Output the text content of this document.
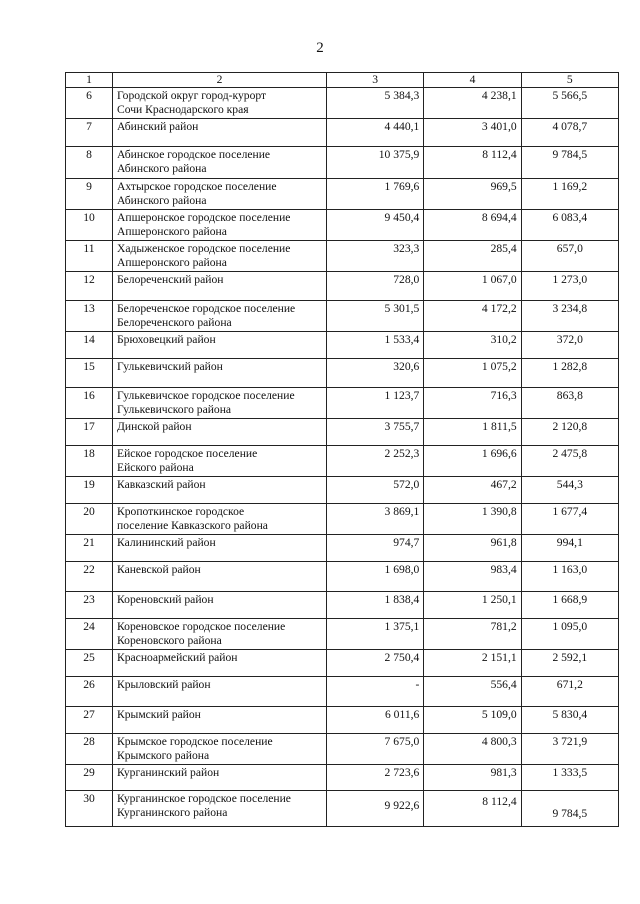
2
1	2	3	4	5

6	Городской округ город-курорт
Сочи Краснодарского края	5 384,3	4 238,1	5 566,5

7	Абинский район	4 440,1	3 401,0	4 078,7

8	Абинское городское поселение
Абинского района	10 375,9	8 112,4	9 784,5

9	Ахтырское городское поселение
Абинского района	1 769,6	969,5	1 169,2

10	Апшеронское городское поселение
Апшеронского района	9 450,4	8 694,4	6 083,4

11	Хадыженское городское поселение
Апшеронского района	323,3	285,4	657,0

12	Белореченский район	728,0	1 067,0	1 273,0

13	Белореченское городское поселение
Белореченского района	5 301,5	4 172,2	3 234,8

14	Брюховецкий район	1 533,4	310,2	372,0

15	Гулькевичский район	320,6	1 075,2	1 282,8

16	Гулькевичское городское поселение
Гулькевичского района	1 123,7	716,3	863,8

17	Динской район	3 755,7	1 811,5	2 120,8

18	Ейское городское поселение
Ейского района	2 252,3	1 696,6	2 475,8

19	Кавказский район	572,0	467,2	544,3

20	Кропоткинское городское
поселение Кавказского района	3 869,1	1 390,8	1 677,4

21	Калининский район	974,7	961,8	994,1

22	Каневской район	1 698,0	983,4	1 163,0

23	Кореновский район	1 838,4	1 250,1	1 668,9

24	Кореновское городское поселение
Кореновского района	1 375,1	781,2	1 095,0

25	Красноармейский район	2 750,4	2 151,1	2 592,1

26	Крыловский район	-	556,4	671,2

27	Крымский район	6 011,6	5 109,0	5 830,4

28	Крымское городское поселение
Крымского района	7 675,0	4 800,3	3 721,9

29	Курганинский район	2 723,6	981,3	1 333,5

30	Курганинское городское поселение
Курганинского района	9 922,6	8 112,4	9 784,5
